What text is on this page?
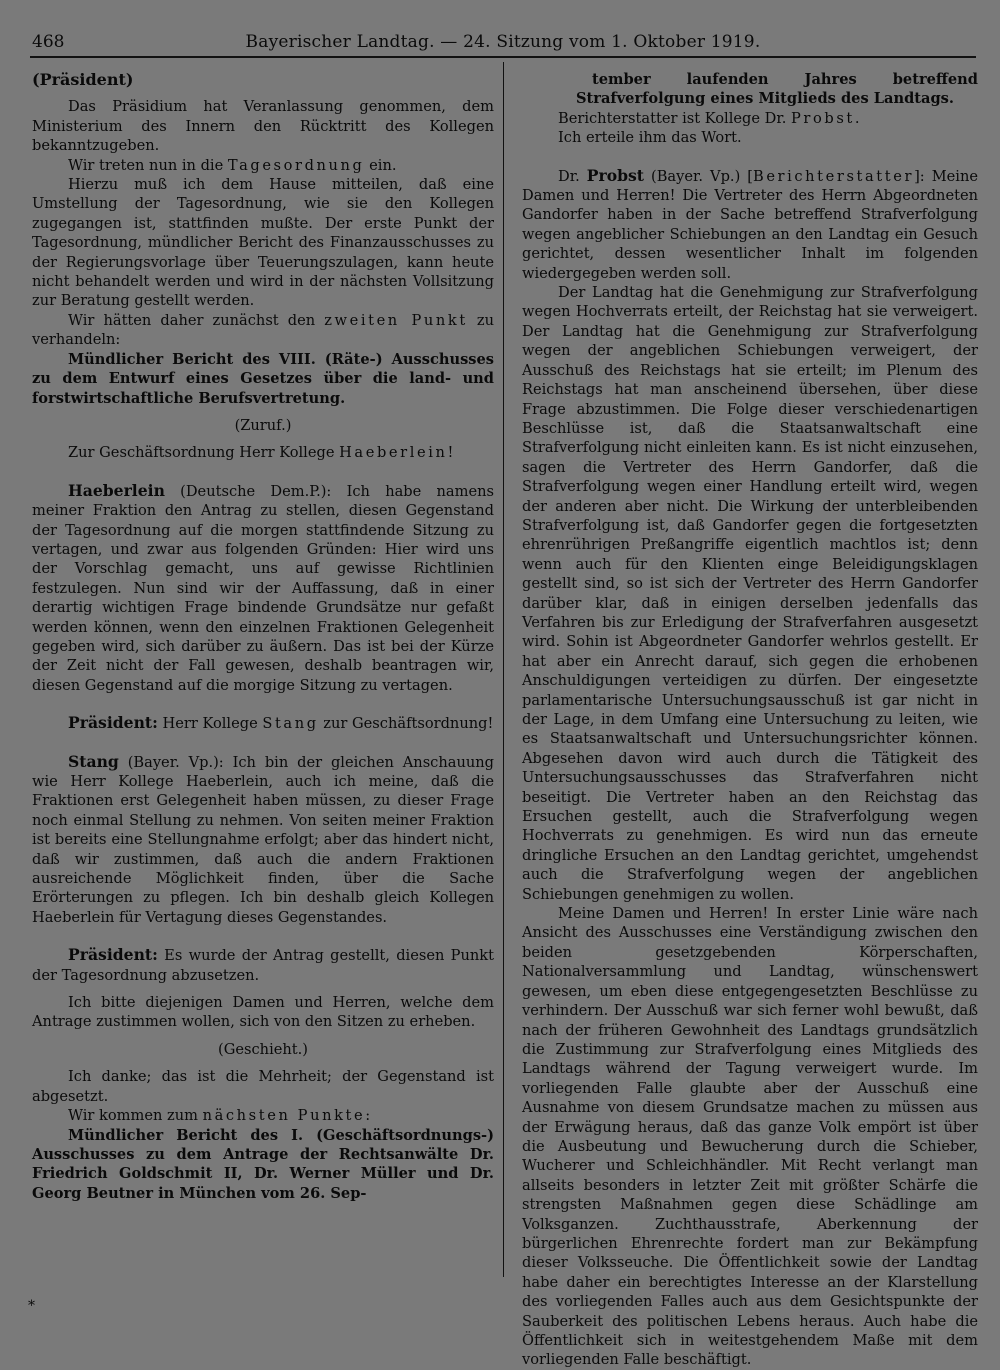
468	Bayerischer Landtag. — 24. Sitzung vom 1. Oktober 1919.

(Präsident)

Das Präsidium hat Veranlassung genommen, dem Ministerium des Innern den Rücktritt des Kollegen bekanntzugeben.

Wir treten nun in die Tagesordnung ein.

Hierzu muß ich dem Hause mitteilen, daß eine Umstellung der Tagesordnung, wie sie den Kollegen zugegangen ist, stattfinden mußte. Der erste Punkt der Tagesordnung, mündlicher Bericht des Finanzausschusses zu der Regierungsvorlage über Teuerungszulagen, kann heute nicht behandelt werden und wird in der nächsten Vollsitzung zur Beratung gestellt werden.

Wir hätten daher zunächst den zweiten Punkt zu verhandeln:

Mündlicher Bericht des VIII. (Räte-) Ausschusses zu dem Entwurf eines Gesetzes über die land- und forstwirtschaftliche Berufsvertretung.

(Zuruf.)

Zur Geschäftsordnung Herr Kollege Haeberlein!

Haeberlein (Deutsche Dem.P.): Ich habe namens meiner Fraktion den Antrag zu stellen, diesen Gegenstand der Tagesordnung auf die morgen stattfindende Sitzung zu vertagen, und zwar aus folgenden Gründen: Hier wird uns der Vorschlag gemacht, uns auf gewisse Richtlinien festzulegen. Nun sind wir der Auffassung, daß in einer derartig wichtigen Frage bindende Grundsätze nur gefaßt werden können, wenn den einzelnen Fraktionen Gelegenheit gegeben wird, sich darüber zu äußern. Das ist bei der Kürze der Zeit nicht der Fall gewesen, deshalb beantragen wir, diesen Gegenstand auf die morgige Sitzung zu vertagen.

Präsident: Herr Kollege Stang zur Geschäftsordnung!

Stang (Bayer. Vp.): Ich bin der gleichen Anschauung wie Herr Kollege Haeberlein, auch ich meine, daß die Fraktionen erst Gelegenheit haben müssen, zu dieser Frage noch einmal Stellung zu nehmen. Von seiten meiner Fraktion ist bereits eine Stellungnahme erfolgt; aber das hindert nicht, daß wir zustimmen, daß auch die andern Fraktionen ausreichende Möglichkeit finden, über die Sache Erörterungen zu pflegen. Ich bin deshalb gleich Kollegen Haeberlein für Vertagung dieses Gegenstandes.

Präsident: Es wurde der Antrag gestellt, diesen Punkt der Tagesordnung abzusetzen.

Ich bitte diejenigen Damen und Herren, welche dem Antrage zustimmen wollen, sich von den Sitzen zu erheben.

(Geschieht.)

Ich danke; das ist die Mehrheit; der Gegenstand ist abgesetzt.

Wir kommen zum nächsten Punkte:

Mündlicher Bericht des I. (Geschäftsordnungs-) Ausschusses zu dem Antrage der Rechtsanwälte Dr. Friedrich Goldschmit II, Dr. Werner Müller und Dr. Georg Beutner in München vom 26. Sep-

tember laufenden Jahres betreffend Strafverfolgung eines Mitglieds des Landtags.

Berichterstatter ist Kollege Dr. Probst.

Ich erteile ihm das Wort.

Dr. Probst (Bayer. Vp.) [Berichterstatter]: Meine Damen und Herren! Die Vertreter des Herrn Abgeordneten Gandorfer haben in der Sache betreffend Strafverfolgung wegen angeblicher Schiebungen an den Landtag ein Gesuch gerichtet, dessen wesentlicher Inhalt im folgenden wiedergegeben werden soll.

Der Landtag hat die Genehmigung zur Strafverfolgung wegen Hochverrats erteilt, der Reichstag hat sie verweigert. Der Landtag hat die Genehmigung zur Strafverfolgung wegen der angeblichen Schiebungen verweigert, der Ausschuß des Reichstags hat sie erteilt; im Plenum des Reichstags hat man anscheinend übersehen, über diese Frage abzustimmen. Die Folge dieser verschiedenartigen Beschlüsse ist, daß die Staatsanwaltschaft eine Strafverfolgung nicht einleiten kann. Es ist nicht einzusehen, sagen die Vertreter des Herrn Gandorfer, daß die Strafverfolgung wegen einer Handlung erteilt wird, wegen der anderen aber nicht. Die Wirkung der unterbleibenden Strafverfolgung ist, daß Gandorfer gegen die fortgesetzten ehrenrührigen Preßangriffe eigentlich machtlos ist; denn wenn auch für den Klienten einge Beleidigungsklagen gestellt sind, so ist sich der Vertreter des Herrn Gandorfer darüber klar, daß in einigen derselben jedenfalls das Verfahren bis zur Erledigung der Strafverfahren ausgesetzt wird. Sohin ist Abgeordneter Gandorfer wehrlos gestellt. Er hat aber ein Anrecht darauf, sich gegen die erhobenen Anschuldigungen verteidigen zu dürfen. Der eingesetzte parlamentarische Untersuchungsausschuß ist gar nicht in der Lage, in dem Umfang eine Untersuchung zu leiten, wie es Staatsanwaltschaft und Untersuchungsrichter können. Abgesehen davon wird auch durch die Tätigkeit des Untersuchungsausschusses das Strafverfahren nicht beseitigt. Die Vertreter haben an den Reichstag das Ersuchen gestellt, auch die Strafverfolgung wegen Hochverrats zu genehmigen. Es wird nun das erneute dringliche Ersuchen an den Landtag gerichtet, umgehendst auch die Strafverfolgung wegen der angeblichen Schiebungen genehmigen zu wollen.

Meine Damen und Herren! In erster Linie wäre nach Ansicht des Ausschusses eine Verständigung zwischen den beiden gesetzgebenden Körperschaften, Nationalversammlung und Landtag, wünschenswert gewesen, um eben diese entgegengesetzten Beschlüsse zu verhindern. Der Ausschuß war sich ferner wohl bewußt, daß nach der früheren Gewohnheit des Landtags grundsätzlich die Zustimmung zur Strafverfolgung eines Mitglieds des Landtags während der Tagung verweigert wurde. Im vorliegenden Falle glaubte aber der Ausschuß eine Ausnahme von diesem Grundsatze machen zu müssen aus der Erwägung heraus, daß das ganze Volk empört ist über die Ausbeutung und Bewucherung durch die Schieber, Wucherer und Schleichhändler. Mit Recht verlangt man allseits besonders in letzter Zeit mit größter Schärfe die strengsten Maßnahmen gegen diese Schädlinge am Volksganzen. Zuchthausstrafe, Aberkennung der bürgerlichen Ehrenrechte fordert man zur Bekämpfung dieser Volksseuche. Die Öffentlichkeit sowie der Landtag habe daher ein berechtigtes Interesse an der Klarstellung des vorliegenden Falles auch aus dem Gesichtspunkte der Sauberkeit des politischen Lebens heraus. Auch habe die Öffentlichkeit sich in weitestgehendem Maße mit dem vorliegenden Falle beschäftigt.

*
